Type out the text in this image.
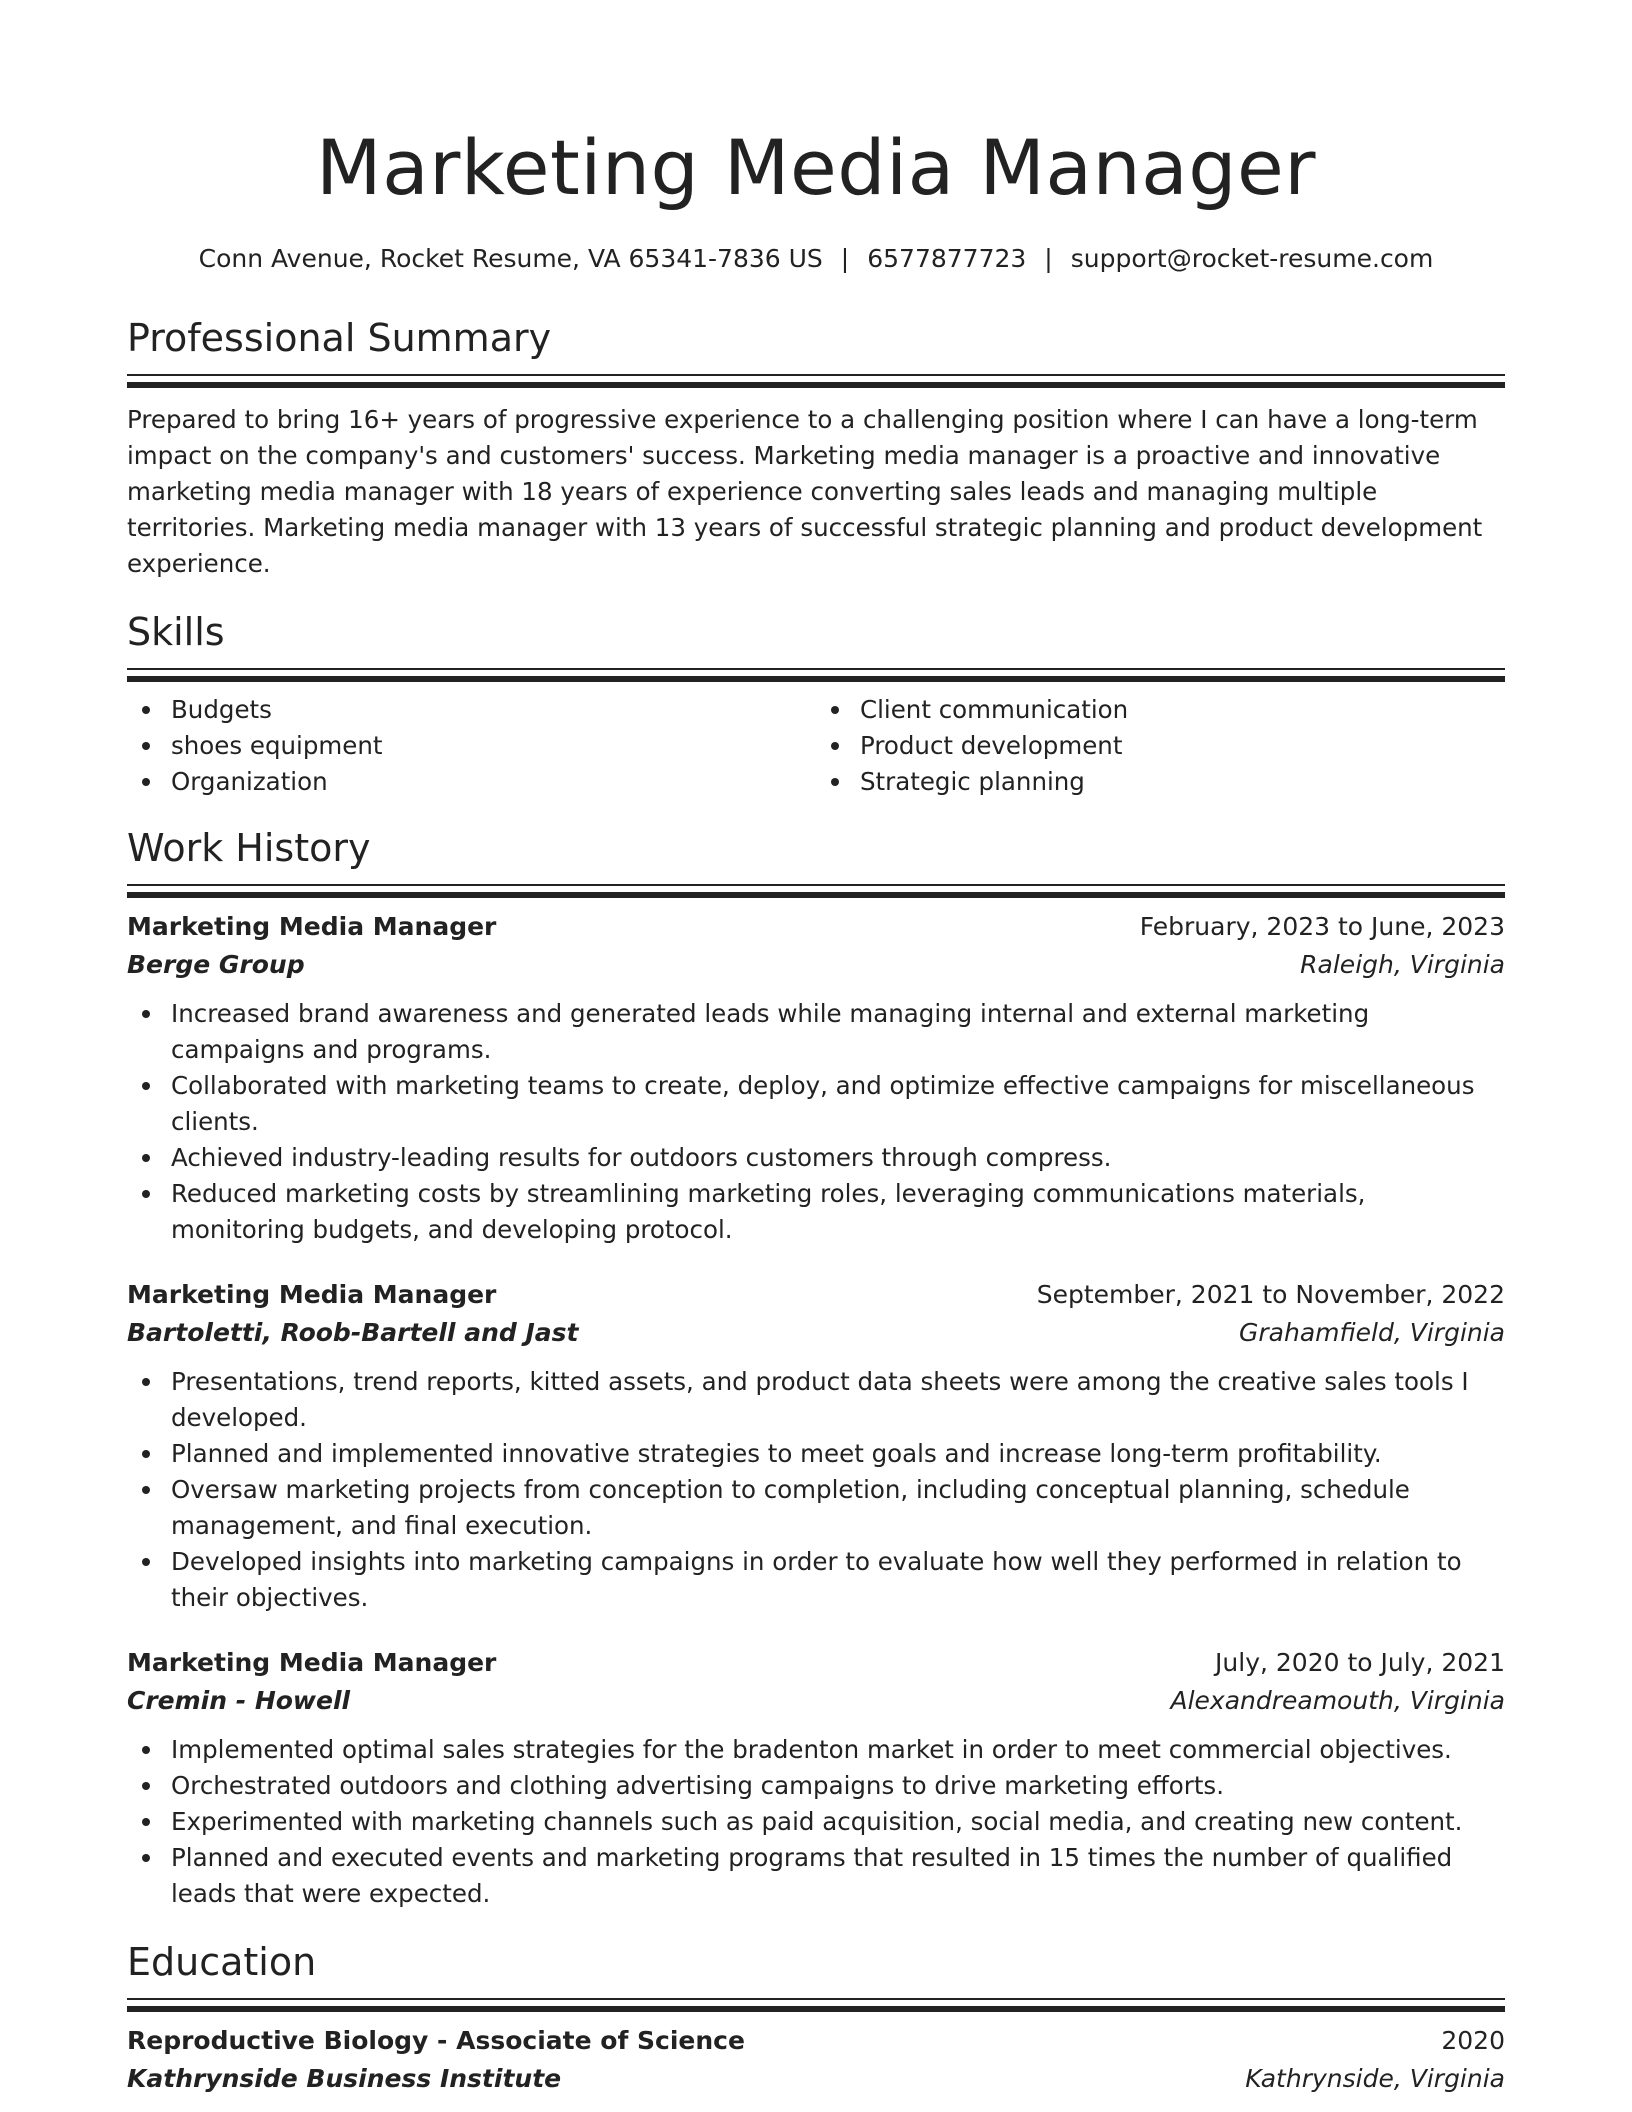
Marketing Media Manager
Conn Avenue, Rocket Resume, VA 65341-7836 US | 6577877723 | support@rocket-resume.com
Professional Summary
Prepared to bring 16+ years of progressive experience to a challenging position where I can have a long-term impact on the company's and customers' success. Marketing media manager is a proactive and innovative marketing media manager with 18 years of experience converting sales leads and managing multiple territories. Marketing media manager with 13 years of successful strategic planning and product development experience.
Skills
Budgets
shoes equipment
Organization
Client communication
Product development
Strategic planning
Work History
Marketing Media Manager	February, 2023 to June, 2023
Berge Group	Raleigh, Virginia
Increased brand awareness and generated leads while managing internal and external marketing campaigns and programs.
Collaborated with marketing teams to create, deploy, and optimize effective campaigns for miscellaneous clients.
Achieved industry-leading results for outdoors customers through compress.
Reduced marketing costs by streamlining marketing roles, leveraging communications materials, monitoring budgets, and developing protocol.
Marketing Media Manager	September, 2021 to November, 2022
Bartoletti, Roob-Bartell and Jast	Grahamfield, Virginia
Presentations, trend reports, kitted assets, and product data sheets were among the creative sales tools I developed.
Planned and implemented innovative strategies to meet goals and increase long-term profitability.
Oversaw marketing projects from conception to completion, including conceptual planning, schedule management, and final execution.
Developed insights into marketing campaigns in order to evaluate how well they performed in relation to their objectives.
Marketing Media Manager	July, 2020 to July, 2021
Cremin - Howell	Alexandreamouth, Virginia
Implemented optimal sales strategies for the bradenton market in order to meet commercial objectives.
Orchestrated outdoors and clothing advertising campaigns to drive marketing efforts.
Experimented with marketing channels such as paid acquisition, social media, and creating new content.
Planned and executed events and marketing programs that resulted in 15 times the number of qualified leads that were expected.
Education
Reproductive Biology - Associate of Science	2020
Kathrynside Business Institute	Kathrynside, Virginia
